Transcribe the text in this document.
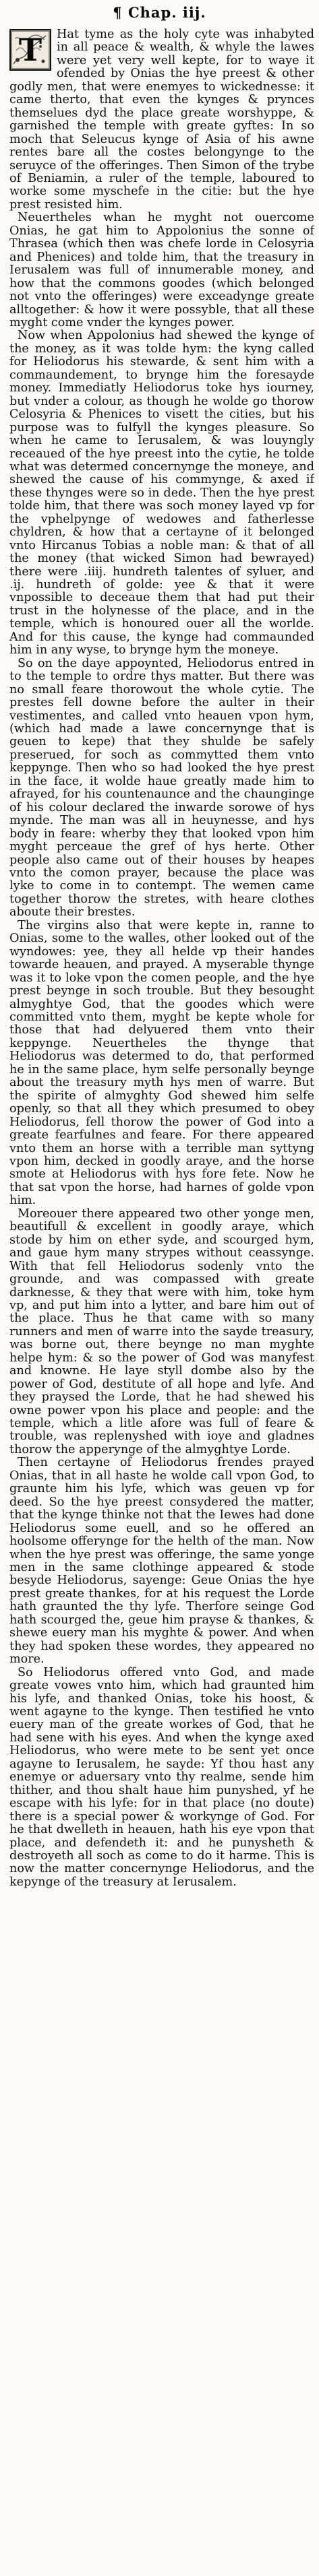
¶ Chap. iij.

T	Hat tyme as the holy cyte was inhabyted in all peace & wealth, & whyle the lawes were yet very well kepte, for to waye it ofended by Onias the hye preest & other godly men, that were enemyes to wickednesse: it came therto, that even the kynges & prynces themselues dyd the place greate worshyppe, & garnished the temple with greate gyftes: In so moch that Seleucus kynge of Asia of his awne rentes bare all the costes belongynge to the seruyce of the offeringes. Then Simon of the trybe of Beniamin, a ruler of the temple, laboured to worke some myschefe in the citie: but the hye prest resisted him.

Neuertheles whan he myght not ouercome Onias, he gat him to Appolonius the sonne of Thrasea (which then was chefe lorde in Celosyria and Phenices) and tolde him, that the treasury in Ierusalem was full of innumerable money, and how that the commons goodes (which belonged not vnto the offeringes) were exceadynge greate alltogether: & how it were possyble, that all these myght come vnder the kynges power.

Now when Appolonius had shewed the kynge of the money, as it was tolde hym: the kyng called for Heliodorus his stewarde, & sent him with a commaundement, to brynge him the foresayde money. Immediatly Heliodorus toke hys iourney, but vnder a colour, as though he wolde go thorow Celosyria & Phenices to visett the cities, but his purpose was to fulfyll the kynges pleasure. So when he came to Ierusalem, & was louyngly receaued of the hye preest into the cytie, he tolde what was determed concernynge the moneye, and shewed the cause of his commynge, & axed if these thynges were so in dede. Then the hye prest tolde him, that there was soch money layed vp for the vphelpynge of wedowes and fatherlesse chyldren, & how that a certayne of it belonged vnto Hircanus Tobias a noble man: & that of all the money (that wicked Simon had bewrayed) there were .iiij. hundreth talentes of syluer, and .ij. hundreth of golde: yee & that it were vnpossible to deceaue them that had put their trust in the holynesse of the place, and in the temple, which is honoured ouer all the worlde. And for this cause, the kynge had commaunded him in any wyse, to brynge hym the moneye.

So on the daye appoynted, Heliodorus entred in to the temple to ordre thys matter. But there was no small feare thorowout the whole cytie. The prestes fell downe before the aulter in their vestimentes, and called vnto heauen vpon hym, (which had made a lawe concernynge that is geuen to kepe) that they shulde be safely preserued, for soch as commytted them vnto keppynge. Then who so had looked the hye prest in the face, it wolde haue greatly made him to afrayed, for his countenaunce and the chaunginge of his colour declared the inwarde sorowe of hys mynde. The man was all in heuynesse, and hys body in feare: wherby they that looked vpon him myght perceaue the gref of hys herte. Other people also came out of their houses by heapes vnto the comon prayer, because the place was lyke to come in to contempt. The wemen came together thorow the stretes, with heare clothes aboute their brestes.

The virgins also that were kepte in, ranne to Onias, some to the walles, other looked out of the wyndowes: yee, they all helde vp their handes towarde heauen, and prayed. A myserable thynge was it to loke vpon the comen people, and the hye prest beynge in soch trouble. But they besought almyghtye God, that the goodes which were committed vnto them, myght be kepte whole for those that had delyuered them vnto their keppynge. Neuertheles the thynge that Heliodorus was determed to do, that performed he in the same place, hym selfe personally beynge about the treasury myth hys men of warre. But the spirite of almyghty God shewed him selfe openly, so that all they which presumed to obey Heliodorus, fell thorow the power of God into a greate fearfulnes and feare. For there appeared vnto them an horse with a terrible man syttyng vpon him, decked in goodly araye, and the horse smote at Heliodorus with hys fore fete. Now he that sat vpon the horse, had harnes of golde vpon him.

Moreouer there appeared two other yonge men, beautifull & excellent in goodly araye, which stode by him on ether syde, and scourged hym, and gaue hym many strypes without ceassynge. With that fell Heliodorus sodenly vnto the grounde, and was compassed with greate darknesse, & they that were with him, toke hym vp, and put him into a lytter, and bare him out of the place. Thus he that came with so many runners and men of warre into the sayde treasury, was borne out, there beynge no man myghte helpe hym: & so the power of God was manyfest and knowne. He laye styll dombe also by the power of God, destitute of all hope and lyfe. And they praysed the Lorde, that he had shewed his owne power vpon his place and people: and the temple, which a litle afore was full of feare & trouble, was replenyshed with ioye and gladnes thorow the apperynge of the almyghtye Lorde.

Then certayne of Heliodorus frendes prayed Onias, that in all haste he wolde call vpon God, to graunte him his lyfe, which was geuen vp for deed. So the hye preest consydered the matter, that the kynge thinke not that the Iewes had done Heliodorus some euell, and so he offered an hoolsome offerynge for the helth of the man. Now when the hye prest was offeringe, the same yonge men in the same clothinge appeared & stode besyde Heliodorus, sayenge: Geue Onias the hye prest greate thankes, for at his request the Lorde hath graunted the thy lyfe. Therfore seinge God hath scourged the, geue him prayse & thankes, & shewe euery man his myghte & power. And when they had spoken these wordes, they appeared no more.

So Heliodorus offered vnto God, and made greate vowes vnto him, which had graunted him his lyfe, and thanked Onias, toke his hoost, & went agayne to the kynge. Then testified he vnto euery man of the greate workes of God, that he had sene with his eyes. And when the kynge axed Heliodorus, who were mete to be sent yet once agayne to Ierusalem, he sayde: Yf thou hast any enemye or aduersary vnto thy realme, sende him thither, and thou shalt haue him punyshed, yf he escape with his lyfe: for in that place (no doute) there is a special power & workynge of God. For he that dwelleth in heauen, hath his eye vpon that place, and defendeth it: and he punysheth & destroyeth all soch as come to do it harme. This is now the matter concernynge Heliodorus, and the kepynge of the treasury at Ierusalem.
